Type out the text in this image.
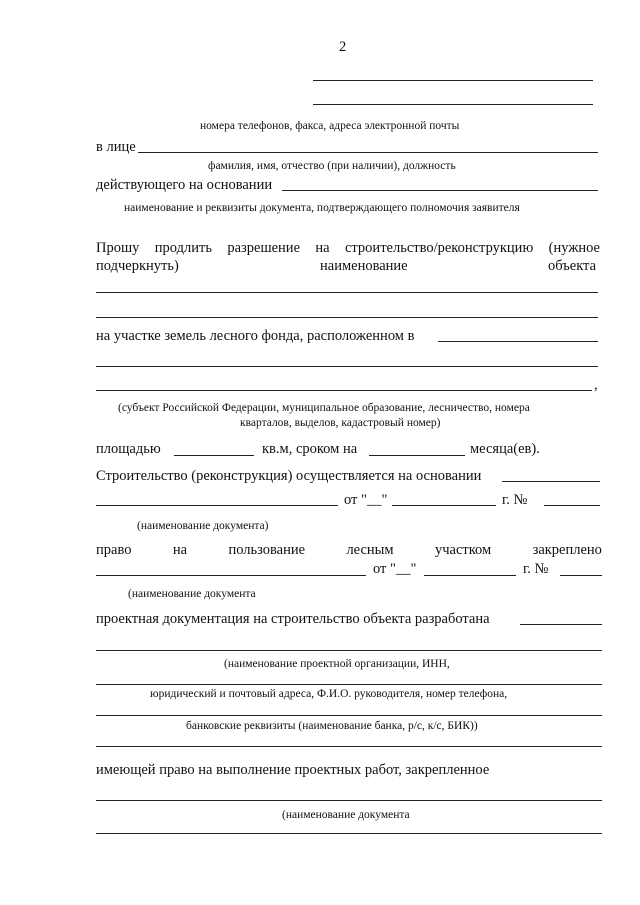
2
номера телефонов, факса, адреса электронной почты
в лице
фамилия, имя, отчество (при наличии), должность
действующего на основании
наименование и реквизиты документа, подтверждающего полномочия заявителя
Прошу продлить разрешение на строительство/реконструкцию (нужное
подчеркнуть)	наименование	объекта
на участке земель лесного фонда, расположенном в
,
(субъект Российской Федерации, муниципальное образование, лесничество, номера
кварталов, выделов, кадастровый номер)
площадью	кв.м, сроком на	месяца(ев).
Строительство (реконструкция) осуществляется на основании
от "__"	г. №
(наименование документа)
право	на	пользование	лесным	участком	закреплено
от "__"	г. №
(наименование документа
проектная документация на строительство объекта разработана
(наименование проектной организации, ИНН,
юридический и почтовый адреса, Ф.И.О. руководителя, номер телефона,
банковские реквизиты (наименование банка, р/с, к/с, БИК))
имеющей право на выполнение проектных работ, закрепленное
(наименование документа
